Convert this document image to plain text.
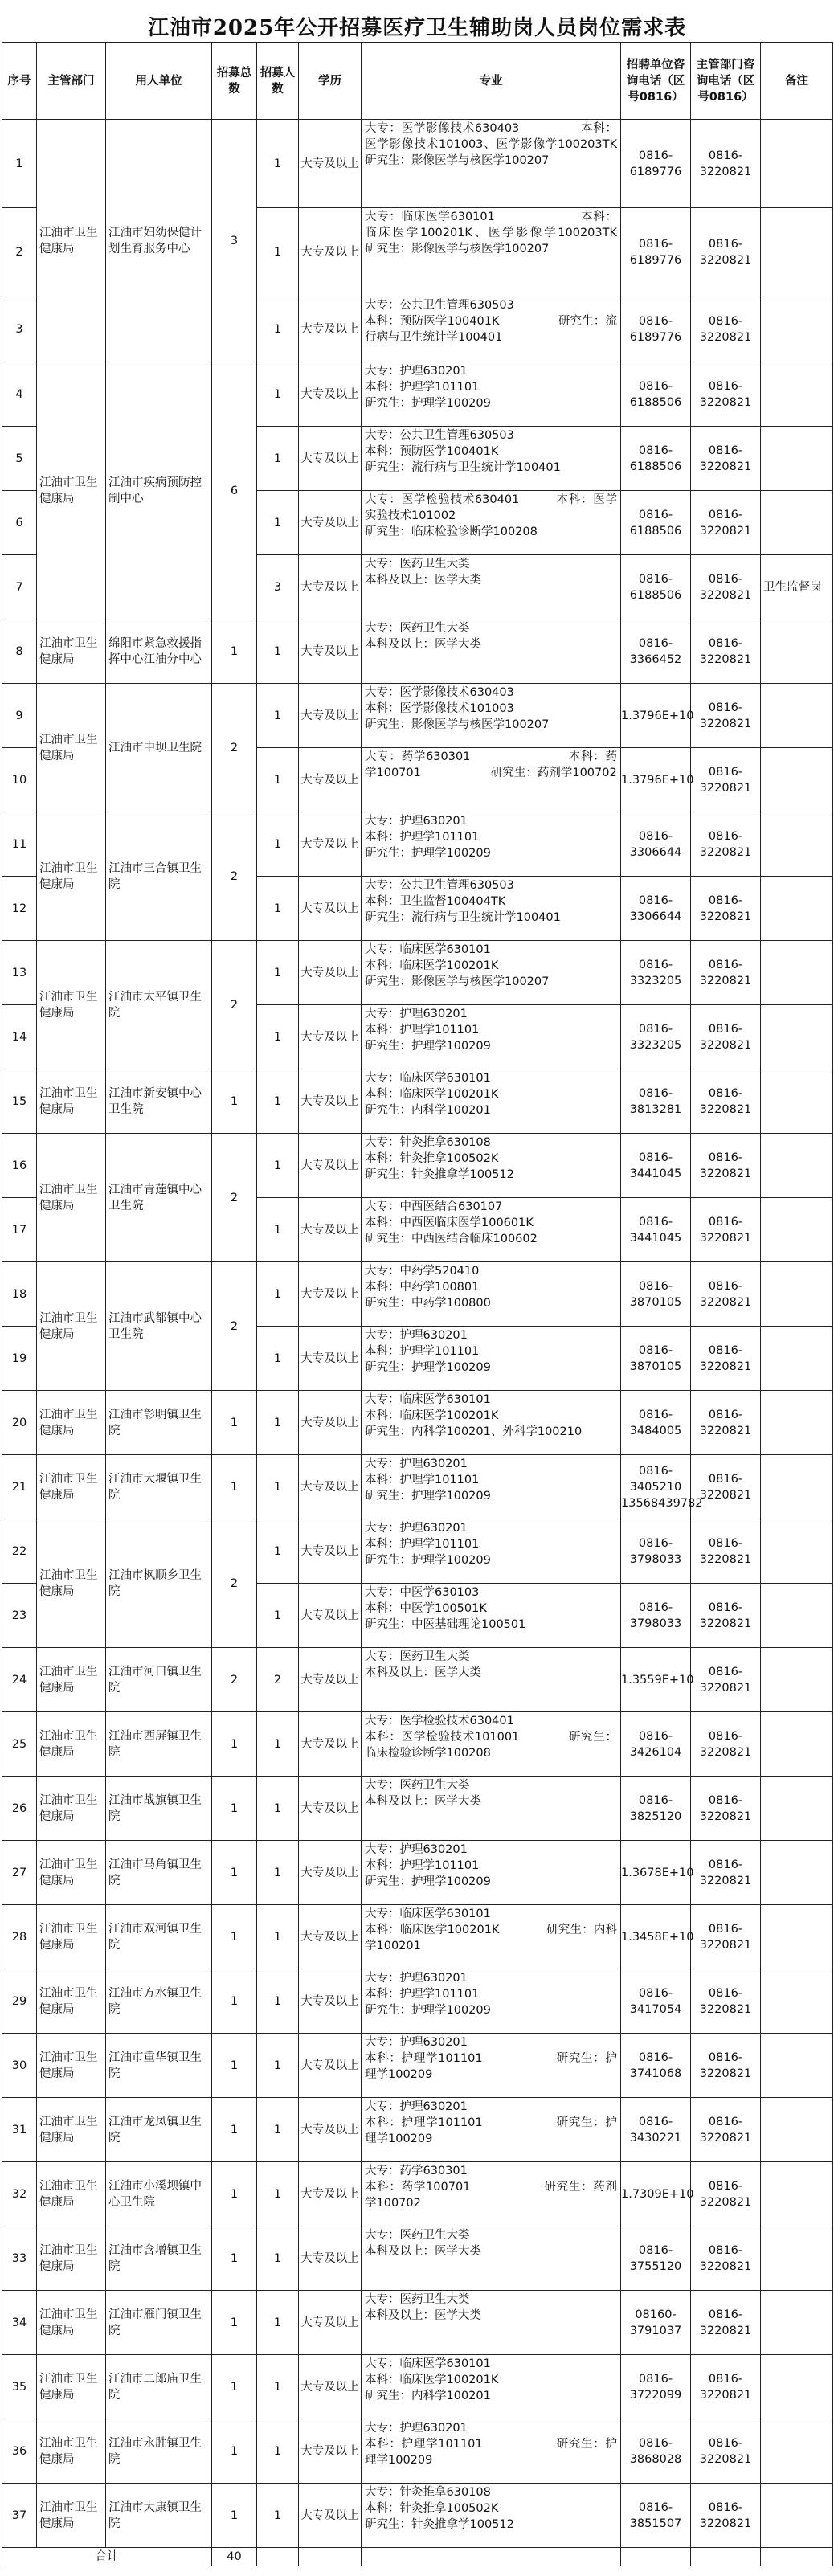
江油市2025年公开招募医疗卫生辅助岗人员岗位需求表
序号	主管部门	用人单位	招募总数	招募人数	学历	专业	招聘单位咨询电话（区号0816）	主管部门咨询电话（区号0816）	备注
1	江油市卫生健康局	江油市妇幼保健计划生育服务中心	3	1	大专及以上	大专：医学影像技术630403　　　　　本科：医学影像技术101003、医学影像学100203TK　　　　　研究生：影像医学与核医学100207	0816-6189776	0816-3220821	
2				1	大专及以上	大专：临床医学630101　　　　　　　本科：临床医学100201K、医学影像学100203TK　　　　　研究生：影像医学与核医学100207	0816-6189776	0816-3220821	
3				1	大专及以上	大专：公共卫生管理630503
本科：预防医学100401K　　　　　研究生：流行病与卫生统计学100401	0816-6189776	0816-3220821	
4	江油市卫生健康局	江油市疾病预防控制中心	6	1	大专及以上	大专：护理630201
本科：护理学101101
研究生：护理学100209	0816-6188506	0816-3220821	
5				1	大专及以上	大专：公共卫生管理630503
本科：预防医学100401K
研究生：流行病与卫生统计学100401	0816-6188506	0816-3220821	
6				1	大专及以上	大专：医学检验技术630401　　　本科：医学实验技术101002
研究生：临床检验诊断学100208	0816-6188506	0816-3220821	
7				3	大专及以上	大专：医药卫生大类
本科及以上：医学大类	0816-6188506	0816-3220821	卫生监督岗
8	江油市卫生健康局	绵阳市紧急救援指挥中心江油分中心	1	1	大专及以上	大专：医药卫生大类
本科及以上：医学大类	0816-3366452	0816-3220821	
9	江油市卫生健康局	江油市中坝卫生院	2	1	大专及以上	大专：医学影像技术630403
本科：医学影像技术101003
研究生：影像医学与核医学100207	1.3796E+10	0816-3220821	
10				1	大专及以上	大专：药学630301　　　　　　　　本科：药学100701　　　　　　研究生：药剂学100702	1.3796E+10	0816-3220821	
11	江油市卫生健康局	江油市三合镇卫生院	2	1	大专及以上	大专：护理630201
本科：护理学101101
研究生：护理学100209	0816-3306644	0816-3220821	
12				1	大专及以上	大专：公共卫生管理630503
本科：卫生监督100404TK
研究生：流行病与卫生统计学100401	0816-3306644	0816-3220821	
13	江油市卫生健康局	江油市太平镇卫生院	2	1	大专及以上	大专：临床医学630101
本科：临床医学100201K
研究生：影像医学与核医学100207	0816-3323205	0816-3220821	
14				1	大专及以上	大专：护理630201
本科：护理学101101
研究生：护理学100209	0816-3323205	0816-3220821	
15	江油市卫生健康局	江油市新安镇中心卫生院	1	1	大专及以上	大专：临床医学630101
本科：临床医学100201K
研究生：内科学100201	0816-3813281	0816-3220821	
16	江油市卫生健康局	江油市青莲镇中心卫生院	2	1	大专及以上	大专：针灸推拿630108
本科：针灸推拿100502K
研究生：针灸推拿学100512	0816-3441045	0816-3220821	
17				1	大专及以上	大专：中西医结合630107
本科：中西医临床医学100601K
研究生：中西医结合临床100602	0816-3441045	0816-3220821	
18	江油市卫生健康局	江油市武都镇中心卫生院	2	1	大专及以上	大专：中药学520410
本科：中药学100801
研究生：中药学100800	0816-3870105	0816-3220821	
19				1	大专及以上	大专：护理630201
本科：护理学101101
研究生：护理学100209	0816-3870105	0816-3220821	
20	江油市卫生健康局	江油市彰明镇卫生院	1	1	大专及以上	大专：临床医学630101
本科：临床医学100201K
研究生：内科学100201、外科学100210	0816-3484005	0816-3220821	
21	江油市卫生健康局	江油市大堰镇卫生院	1	1	大专及以上	大专：护理630201
本科：护理学101101
研究生：护理学100209	0816-3405210 13568439782	0816-3220821	
22	江油市卫生健康局	江油市枫顺乡卫生院	2	1	大专及以上	大专：护理630201
本科：护理学101101
研究生：护理学100209	0816-3798033	0816-3220821	
23				1	大专及以上	大专：中医学630103
本科：中医学100501K
研究生：中医基础理论100501	0816-3798033	0816-3220821	
24	江油市卫生健康局	江油市河口镇卫生院	2	2	大专及以上	大专：医药卫生大类
本科及以上：医学大类	1.3559E+10	0816-3220821	
25	江油市卫生健康局	江油市西屏镇卫生院	1	1	大专及以上	大专：医学检验技术630401
本科：医学检验技术101001　　　　研究生：临床检验诊断学100208	0816-3426104	0816-3220821	
26	江油市卫生健康局	江油市战旗镇卫生院	1	1	大专及以上	大专：医药卫生大类
本科及以上：医学大类	0816-3825120	0816-3220821	
27	江油市卫生健康局	江油市马角镇卫生院	1	1	大专及以上	大专：护理630201
本科：护理学101101
研究生：护理学100209	1.3678E+10	0816-3220821	
28	江油市卫生健康局	江油市双河镇卫生院	1	1	大专及以上	大专：临床医学630101
本科：临床医学100201K　　　　研究生：内科学100201	1.3458E+10	0816-3220821	
29	江油市卫生健康局	江油市方水镇卫生院	1	1	大专及以上	大专：护理630201
本科：护理学101101
研究生：护理学100209	0816-3417054	0816-3220821	
30	江油市卫生健康局	江油市重华镇卫生院	1	1	大专及以上	大专：护理630201
本科：护理学101101　　　　　　研究生：护理学100209	0816-3741068	0816-3220821	
31	江油市卫生健康局	江油市龙凤镇卫生院	1	1	大专及以上	大专：护理630201
本科：护理学101101　　　　　　研究生：护理学100209	0816-3430221	0816-3220821	
32	江油市卫生健康局	江油市小溪坝镇中心卫生院	1	1	大专及以上	大专：药学630301
本科：药学100701　　　　　　研究生：药剂学100702	1.7309E+10	0816-3220821	
33	江油市卫生健康局	江油市含增镇卫生院	1	1	大专及以上	大专：医药卫生大类
本科及以上：医学大类	0816-3755120	0816-3220821	
34	江油市卫生健康局	江油市雁门镇卫生院	1	1	大专及以上	大专：医药卫生大类
本科及以上：医学大类	08160-3791037	0816-3220821	
35	江油市卫生健康局	江油市二郎庙卫生院	1	1	大专及以上	大专：临床医学630101
本科：临床医学100201K
研究生：内科学100201	0816-3722099	0816-3220821	
36	江油市卫生健康局	江油市永胜镇卫生院	1	1	大专及以上	大专：护理630201
本科：护理学101101　　　　　　研究生：护理学100209	0816-3868028	0816-3220821	
37	江油市卫生健康局	江油市大康镇卫生院	1	1	大专及以上	大专：针灸推拿630108
本科：针灸推拿100502K
研究生：针灸推拿学100512	0816-3851507	0816-3220821	
合计			40						
